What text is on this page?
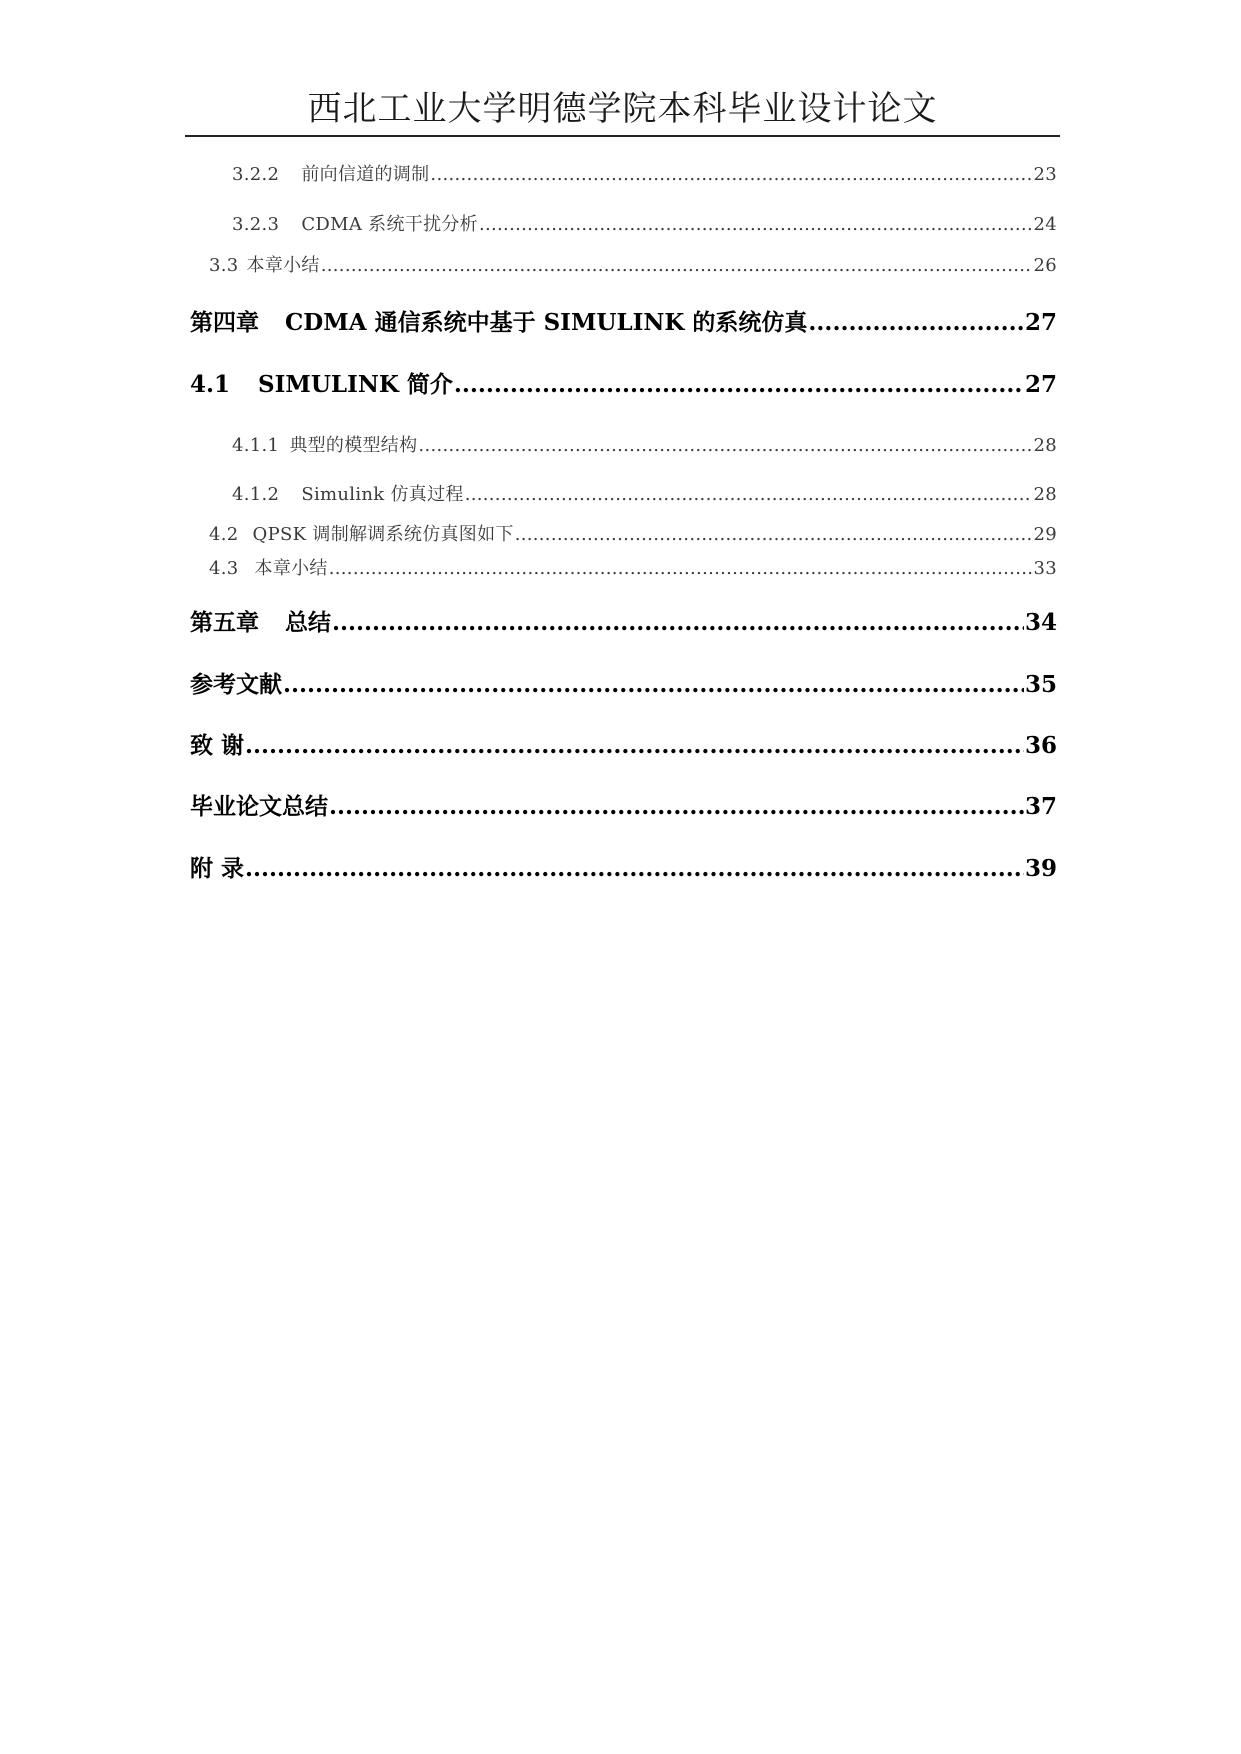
西北工业大学明德学院本科毕业设计论文
3.2.2 前向信道的调制 .....	23
3.2.3 CDMA 系统干扰分析 .....	24
3.3 本章小结 .....	26
第四章 CDMA 通信系统中基于 SIMULINK 的系统仿真 .....	27
4.1 SIMULINK 简介 .....	27
4.1.1 典型的模型结构 .....	28
4.1.2 Simulink 仿真过程 .....	28
4.2 QPSK 调制解调系统仿真图如下 .....	29
4.3 本章小结 .....	33
第五章 总结 .....	34
参考文献 .....	35
致 谢 .....	36
毕业论文总结 .....	37
附 录 .....	39
